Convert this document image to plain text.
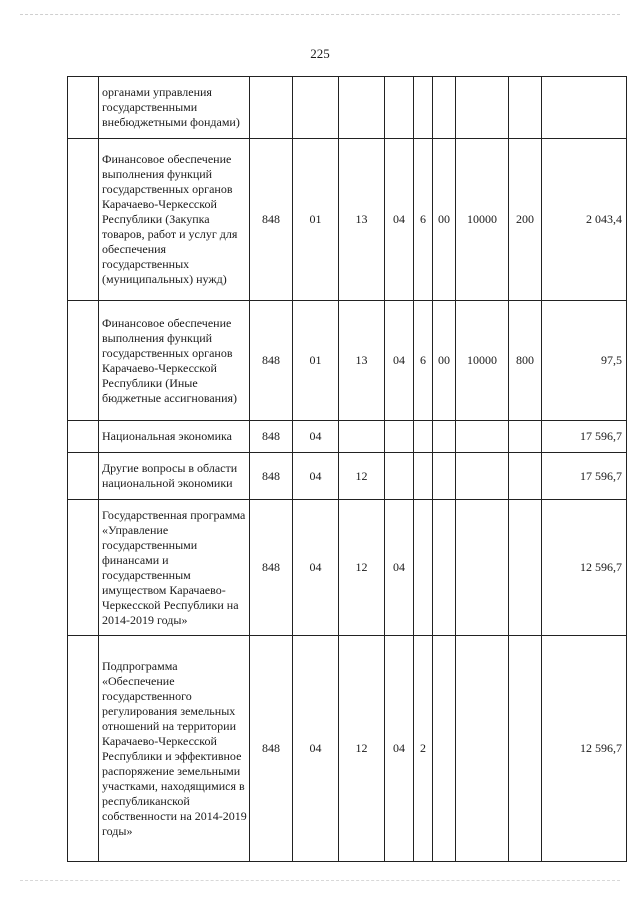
225

	органами управления государственными внебюджетными фондами)									

	Финансовое обеспечение выполнения функций государственных органов Карачаево-Черкесской Республики (Закупка товаров, работ и услуг для обеспечения государственных (муниципальных) нужд)	848	01	13	04	6	00	10000	200	2 043,4

	Финансовое обеспечение выполнения функций государственных органов Карачаево-Черкесской Республики (Иные бюджетные ассигнования)	848	01	13	04	6	00	10000	800	97,5

	Национальная экономика	848	04							17 596,7

	Другие вопросы в области национальной экономики	848	04	12						17 596,7

	Государственная программа «Управление государственными финансами и государственным имуществом Карачаево-Черкесской Республики на 2014-2019 годы»	848	04	12	04					12 596,7

	Подпрограмма «Обеспечение государственного регулирования земельных отношений на территории Карачаево-Черкесской Республики и эффективное распоряжение земельными участками, находящимися в республиканской собственности на 2014-2019 годы»	848	04	12	04	2				12 596,7
